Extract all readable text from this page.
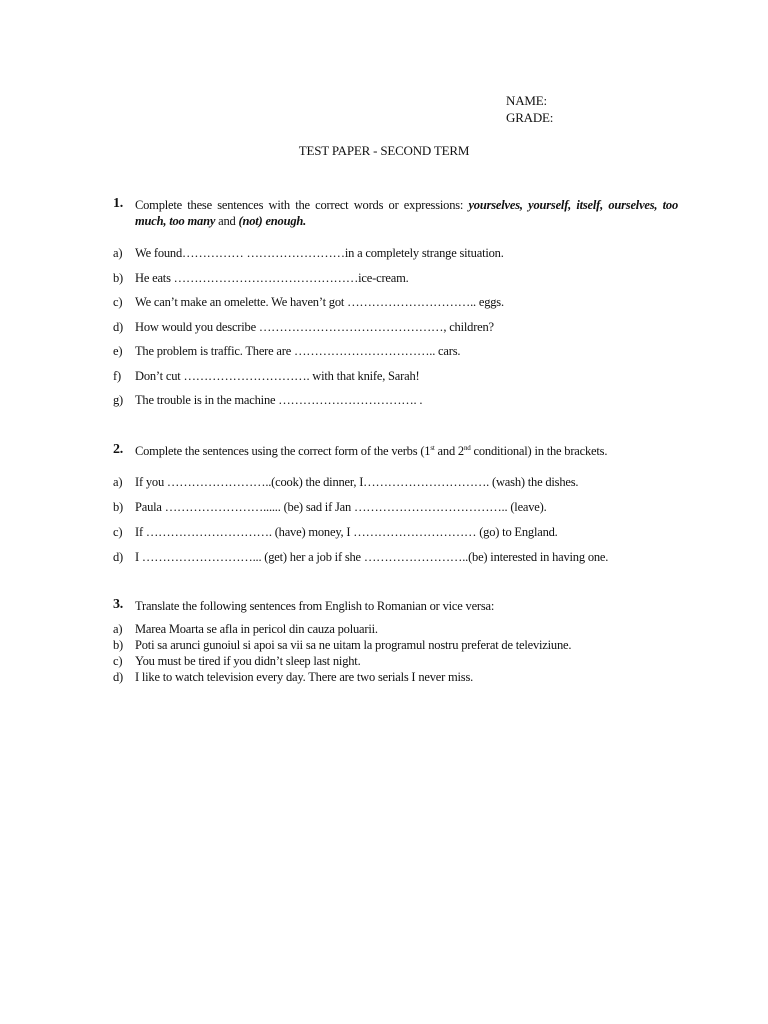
NAME:
GRADE:
TEST PAPER - SECOND TERM
1. Complete these sentences with the correct words or expressions: yourselves, yourself, itself, ourselves, too much, too many and (not) enough.
a) We found…………… ……………………in a completely strange situation.
b) He eats ………………………………………ice-cream.
c) We can’t make an omelette. We haven’t got ………………………….. eggs.
d) How would you describe ………………………………………, children?
e) The problem is traffic. There are …………………………….. cars.
f) Don’t cut …………………………. with that knife, Sarah!
g) The trouble is in the machine ……………………………. .
2. Complete the sentences using the correct form of the verbs (1st and 2nd conditional) in the brackets.
a) If you ……………………..(cook) the dinner, I…………………………. (wash) the dishes.
b) Paula ……………………...... (be) sad if Jan ……………………………….. (leave).
c) If …………………………. (have) money, I ………………………… (go) to England.
d) I ………………………... (get) her a job if she ……………………..(be) interested in having one.
3. Translate the following sentences from English to Romanian or vice versa:
a) Marea Moarta se afla in pericol din cauza poluarii.
b) Poti sa arunci gunoiul si apoi sa vii sa ne uitam la programul nostru preferat de televiziune.
c) You must be tired if you didn’t sleep last night.
d) I like to watch television every day. There are two serials I never miss.
